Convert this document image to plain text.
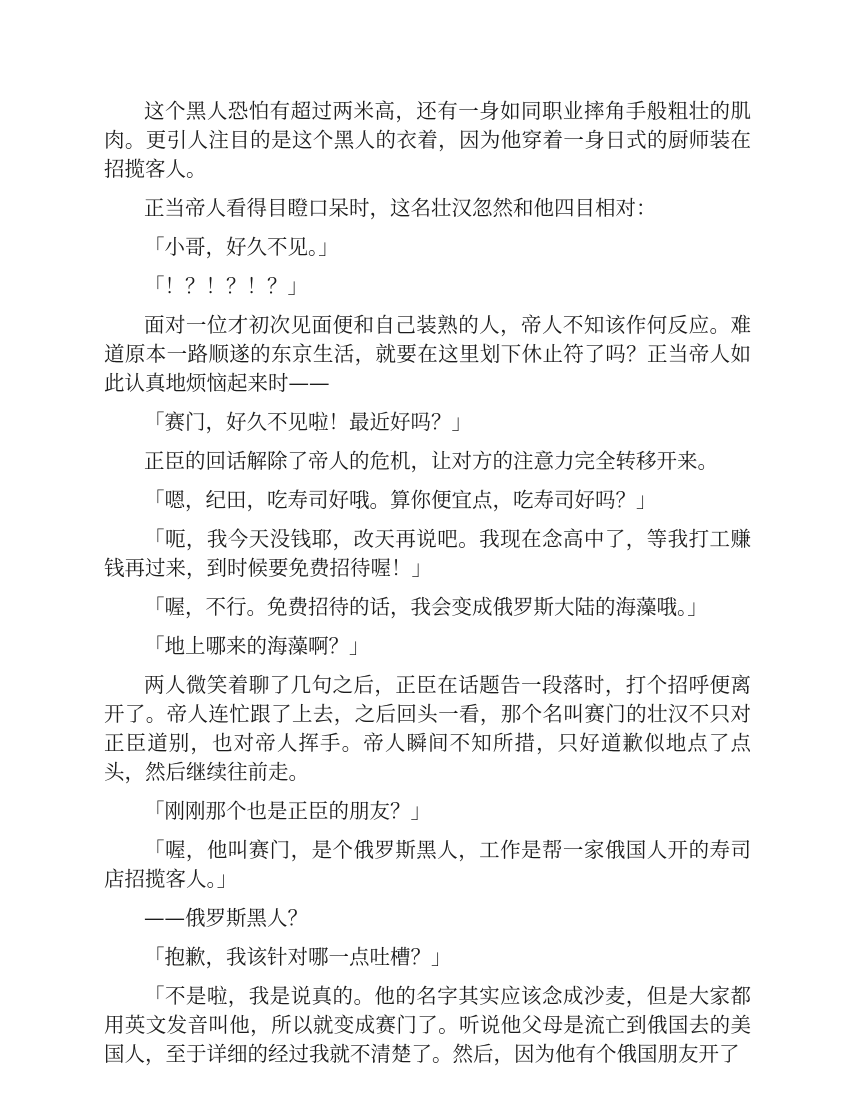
这个黑人恐怕有超过两米高，还有一身如同职业摔角手般粗壮的肌肉。更引人注目的是这个黑人的衣着，因为他穿着一身日式的厨师装在招揽客人。

正当帝人看得目瞪口呆时，这名壮汉忽然和他四目相对：

「小哥，好久不见。」

「！？！？！？」

面对一位才初次见面便和自己装熟的人，帝人不知该作何反应。难道原本一路顺遂的东京生活，就要在这里划下休止符了吗？正当帝人如此认真地烦恼起来时——

「赛门，好久不见啦！最近好吗？」

正臣的回话解除了帝人的危机，让对方的注意力完全转移开来。

「嗯，纪田，吃寿司好哦。算你便宜点，吃寿司好吗？」

「呃，我今天没钱耶，改天再说吧。我现在念高中了，等我打工赚钱再过来，到时候要免费招待喔！」

「喔，不行。免费招待的话，我会变成俄罗斯大陆的海藻哦。」

「地上哪来的海藻啊？」

两人微笑着聊了几句之后，正臣在话题告一段落时，打个招呼便离开了。帝人连忙跟了上去，之后回头一看，那个名叫赛门的壮汉不只对正臣道别，也对帝人挥手。帝人瞬间不知所措，只好道歉似地点了点头，然后继续往前走。

「刚刚那个也是正臣的朋友？」

「喔，他叫赛门，是个俄罗斯黑人，工作是帮一家俄国人开的寿司店招揽客人。」

——俄罗斯黑人？

「抱歉，我该针对哪一点吐槽？」

「不是啦，我是说真的。他的名字其实应该念成沙麦，但是大家都用英文发音叫他，所以就变成赛门了。听说他父母是流亡到俄国去的美国人，至于详细的经过我就不清楚了。然后，因为他有个俄国朋友开了
